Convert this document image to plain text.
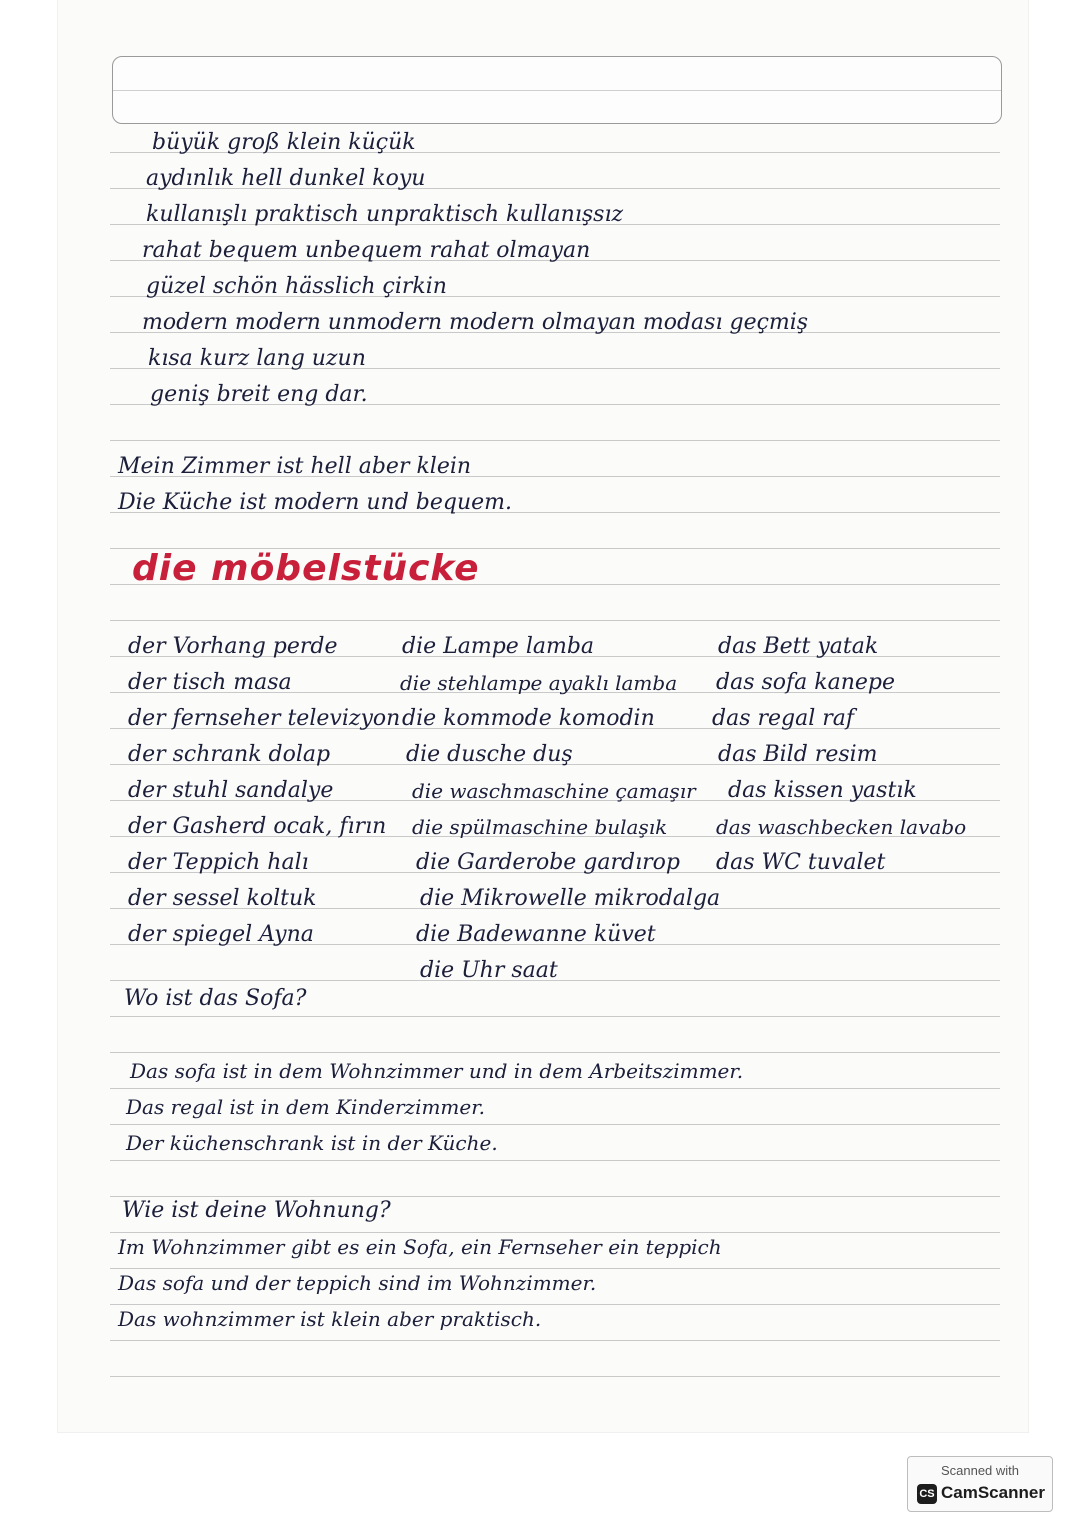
büyük groß klein küçük
aydınlık hell dunkel koyu
kullanışlı praktisch unpraktisch kullanışsız
rahat bequem unbequem rahat olmayan
güzel schön hässlich çirkin
modern modern unmodern modern olmayan modası geçmiş
kısa kurz lang uzun
geniş breit eng dar.
Mein Zimmer ist hell aber klein
Die Küche ist modern und bequem.
die möbelstücke
der Vorhang perde
der tisch masa
der fernseher televizyon
der schrank dolap
der stuhl sandalye
der Gasherd ocak, fırın
der Teppich halı
der sessel koltuk
der spiegel Ayna
die Lampe lamba
die stehlampe ayaklı lamba
die kommode komodin
die dusche duş
die waschmaschine çamaşır
die spülmaschine bulaşık
die Garderobe gardırop
die Mikrowelle mikrodalga
die Badewanne küvet
die Uhr saat
das Bett yatak
das sofa kanepe
das regal raf
das Bild resim
das kissen yastık
das waschbecken lavabo
das WC tuvalet
Wo ist das Sofa?
Das sofa ist in dem Wohnzimmer und in dem Arbeitszimmer.
Das regal ist in dem Kinderzimmer.
Der küchenschrank ist in der Küche.
Wie ist deine Wohnung?
Im Wohnzimmer gibt es ein Sofa, ein Fernseher ein teppich
Das sofa und der teppich sind im Wohnzimmer.
Das wohnzimmer ist klein aber praktisch.
Scanned with
CS CamScanner
